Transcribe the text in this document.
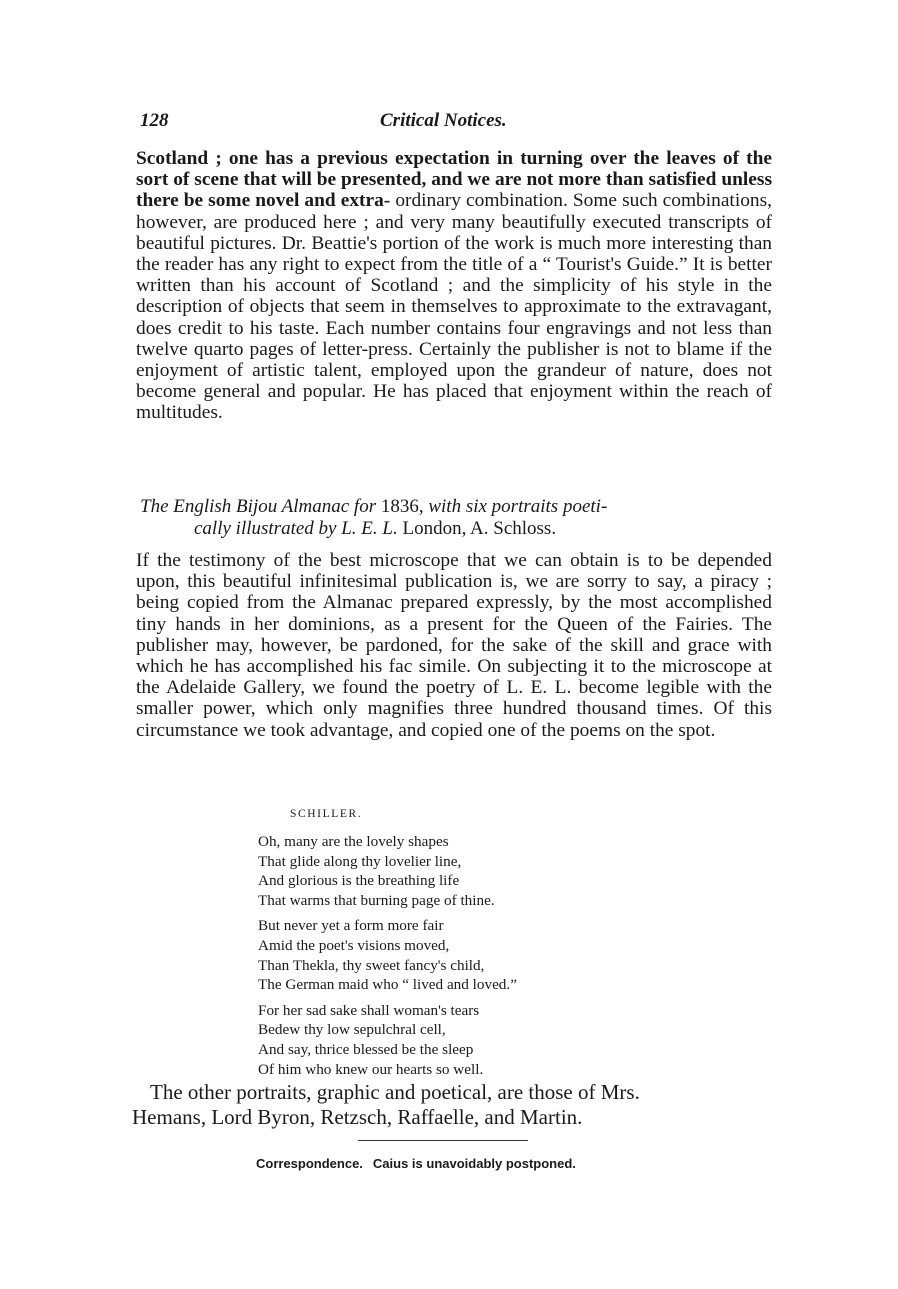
128	Critical Notices.

Scotland ; one has a previous expectation in turning over the leaves of the sort of scene that will be presented, and we are not more than satisfied unless there be some novel and extra- ordinary combination. Some such combinations, however, are produced here ; and very many beautifully executed transcripts of beautiful pictures. Dr. Beattie's portion of the work is much more interesting than the reader has any right to expect from the title of a “ Tourist's Guide.” It is better written than his account of Scotland ; and the simplicity of his style in the description of objects that seem in themselves to approximate to the extravagant, does credit to his taste. Each number contains four engravings and not less than twelve quarto pages of letter-press. Certainly the publisher is not to blame if the enjoyment of artistic talent, employed upon the grandeur of nature, does not become general and popular. He has placed that enjoyment within the reach of multitudes.

The English Bijou Almanac for 1836, with six portraits poeti-
cally illustrated by L. E. L. London, A. Schloss.

If the testimony of the best microscope that we can obtain is to be depended upon, this beautiful infinitesimal publication is, we are sorry to say, a piracy ; being copied from the Almanac prepared expressly, by the most accomplished tiny hands in her dominions, as a present for the Queen of the Fairies. The publisher may, however, be pardoned, for the sake of the skill and grace with which he has accomplished his fac simile. On subjecting it to the microscope at the Adelaide Gallery, we found the poetry of L. E. L. become legible with the smaller power, which only magnifies three hundred thousand times. Of this circumstance we took advantage, and copied one of the poems on the spot.

SCHILLER.
Oh, many are the lovely shapes
That glide along thy lovelier line,
And glorious is the breathing life
That warms that burning page of thine.
But never yet a form more fair
Amid the poet's visions moved,
Than Thekla, thy sweet fancy's child,
The German maid who “ lived and loved.”
For her sad sake shall woman's tears
Bedew thy low sepulchral cell,
And say, thrice blessed be the sleep
Of him who knew our hearts so well.
The other portraits, graphic and poetical, are those of Mrs.
Hemans, Lord Byron, Retzsch, Raffaelle, and Martin.
Correspondence. Caius is unavoidably postponed.
